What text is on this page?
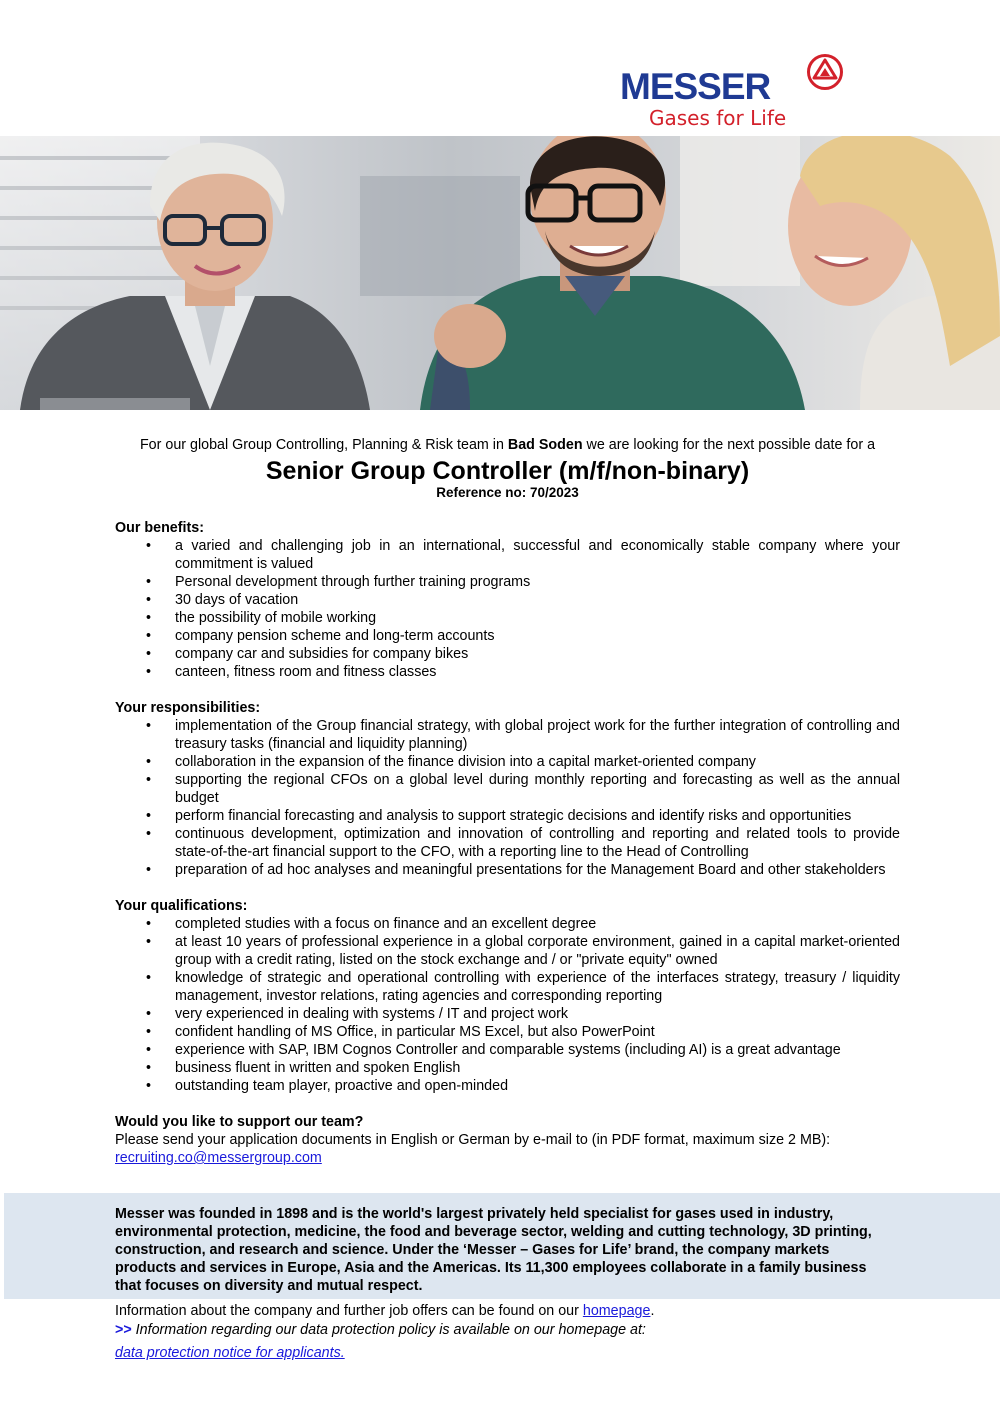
MESSER
Gases for Life

For our global Group Controlling, Planning & Risk team in Bad Soden we are looking for the next possible date for a

Senior Group Controller (m/f/non-binary)

Reference no: 70/2023

Our benefits:

• a varied and challenging job in an international, successful and economically stable company where your commitment is valued
• Personal development through further training programs
• 30 days of vacation
• the possibility of mobile working
• company pension scheme and long-term accounts
• company car and subsidies for company bikes
• canteen, fitness room and fitness classes

Your responsibilities:

• implementation of the Group financial strategy, with global project work for the further integration of controlling and treasury tasks (financial and liquidity planning)
• collaboration in the expansion of the finance division into a capital market-oriented company
• supporting the regional CFOs on a global level during monthly reporting and forecasting as well as the annual budget
• perform financial forecasting and analysis to support strategic decisions and identify risks and opportunities
• continuous development, optimization and innovation of controlling and reporting and related tools to provide state-of-the-art financial support to the CFO, with a reporting line to the Head of Controlling
• preparation of ad hoc analyses and meaningful presentations for the Management Board and other stakeholders

Your qualifications:

• completed studies with a focus on finance and an excellent degree
• at least 10 years of professional experience in a global corporate environment, gained in a capital market-oriented group with a credit rating, listed on the stock exchange and / or "private equity" owned
• knowledge of strategic and operational controlling with experience of the interfaces strategy, treasury / liquidity management, investor relations, rating agencies and corresponding reporting
• very experienced in dealing with systems / IT and project work
• confident handling of MS Office, in particular MS Excel, but also PowerPoint
• experience with SAP, IBM Cognos Controller and comparable systems (including AI) is a great advantage
• business fluent in written and spoken English
• outstanding team player, proactive and open-minded

Would you like to support our team?

Please send your application documents in English or German by e-mail to (in PDF format, maximum size 2 MB):

recruiting.co@messergroup.com

Messer was founded in 1898 and is the world's largest privately held specialist for gases used in industry, environmental protection, medicine, the food and beverage sector, welding and cutting technology, 3D printing, construction, and research and science. Under the ‘Messer – Gases for Life’ brand, the company markets products and services in Europe, Asia and the Americas. Its 11,300 employees collaborate in a family business that focuses on diversity and mutual respect.

Information about the company and further job offers can be found on our homepage.

>> Information regarding our data protection policy is available on our homepage at:

data protection notice for applicants.
